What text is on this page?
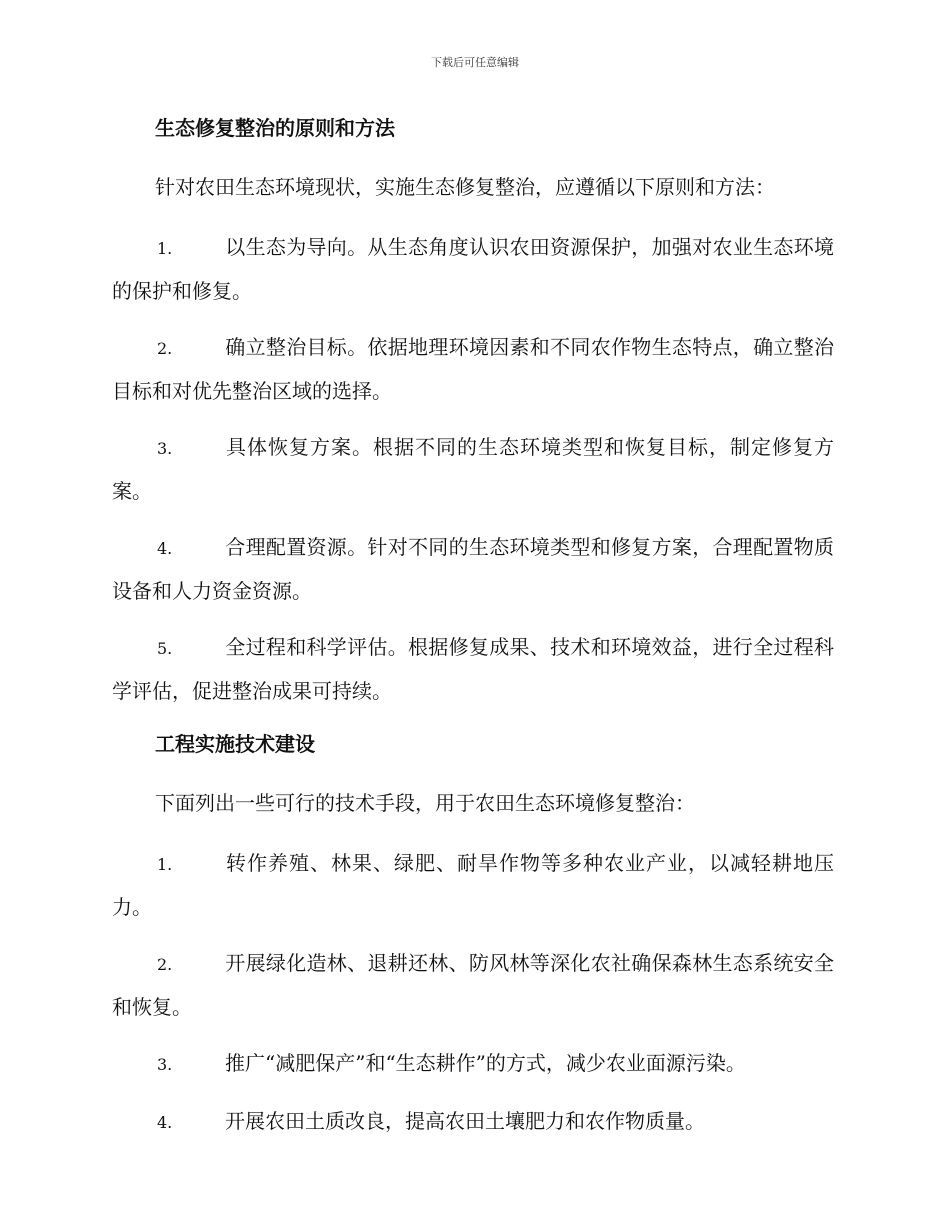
下载后可任意编辑
生态修复整治的原则和方法
针对农田生态环境现状，实施生态修复整治，应遵循以下原则和方法：
1.	以生态为导向。从生态角度认识农田资源保护，加强对农业生态环境的保护和修复。
2.	确立整治目标。依据地理环境因素和不同农作物生态特点，确立整治目标和对优先整治区域的选择。
3.	具体恢复方案。根据不同的生态环境类型和恢复目标，制定修复方案。
4.	合理配置资源。针对不同的生态环境类型和修复方案，合理配置物质设备和人力资金资源。
5.	全过程和科学评估。根据修复成果、技术和环境效益，进行全过程科学评估，促进整治成果可持续。
工程实施技术建设
下面列出一些可行的技术手段，用于农田生态环境修复整治：
1.	转作养殖、林果、绿肥、耐旱作物等多种农业产业，以减轻耕地压力。
2.	开展绿化造林、退耕还林、防风林等深化农社确保森林生态系统安全和恢复。
3.	推广“减肥保产”和“生态耕作”的方式，减少农业面源污染。
4.	开展农田土质改良，提高农田土壤肥力和农作物质量。
